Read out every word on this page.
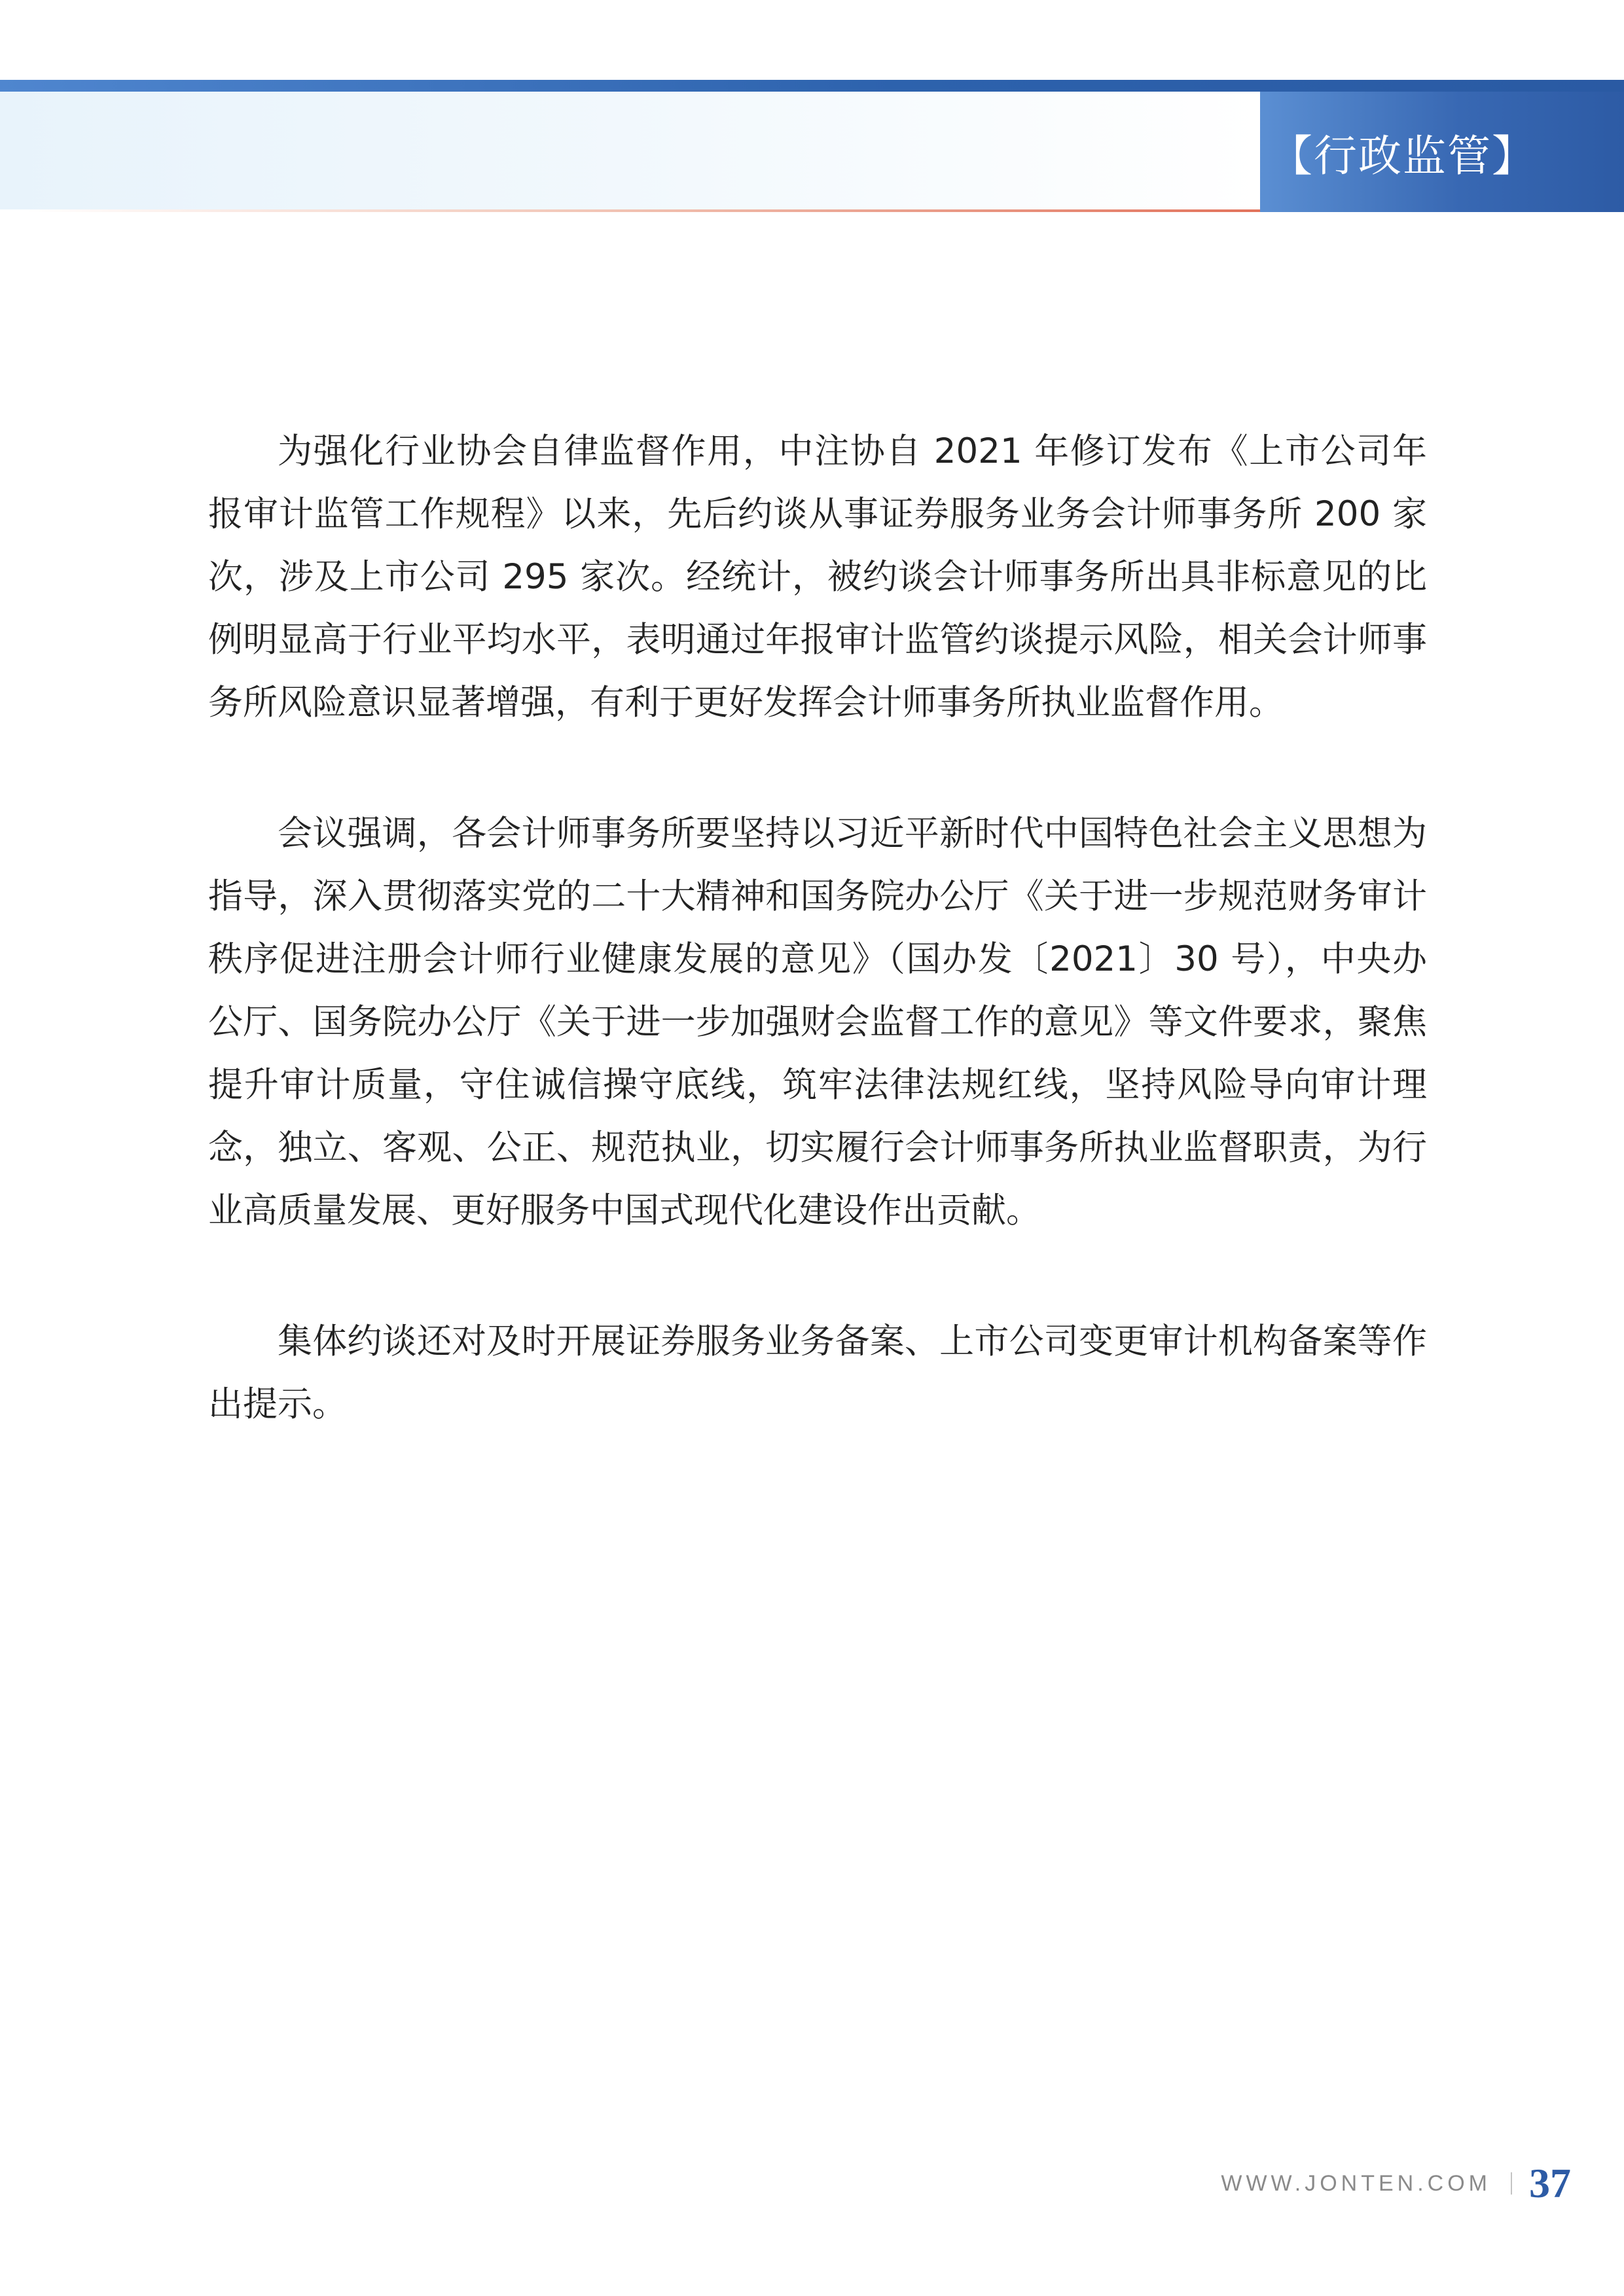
【行政监管】

为强化行业协会自律监督作用，中注协自 2021 年修订发布《上市公司年报审计监管工作规程》以来，先后约谈从事证券服务业务会计师事务所 200 家次，涉及上市公司 295 家次。经统计，被约谈会计师事务所出具非标意见的比例明显高于行业平均水平，表明通过年报审计监管约谈提示风险，相关会计师事务所风险意识显著增强，有利于更好发挥会计师事务所执业监督作用。

会议强调，各会计师事务所要坚持以习近平新时代中国特色社会主义思想为指导，深入贯彻落实党的二十大精神和国务院办公厅《关于进一步规范财务审计秩序促进注册会计师行业健康发展的意见》（国办发〔2021〕30 号），中央办公厅、国务院办公厅《关于进一步加强财会监督工作的意见》等文件要求，聚焦提升审计质量，守住诚信操守底线，筑牢法律法规红线，坚持风险导向审计理念，独立、客观、公正、规范执业，切实履行会计师事务所执业监督职责，为行业高质量发展、更好服务中国式现代化建设作出贡献。

集体约谈还对及时开展证券服务业务备案、上市公司变更审计机构备案等作出提示。

WWW.JONTEN.COM 37
